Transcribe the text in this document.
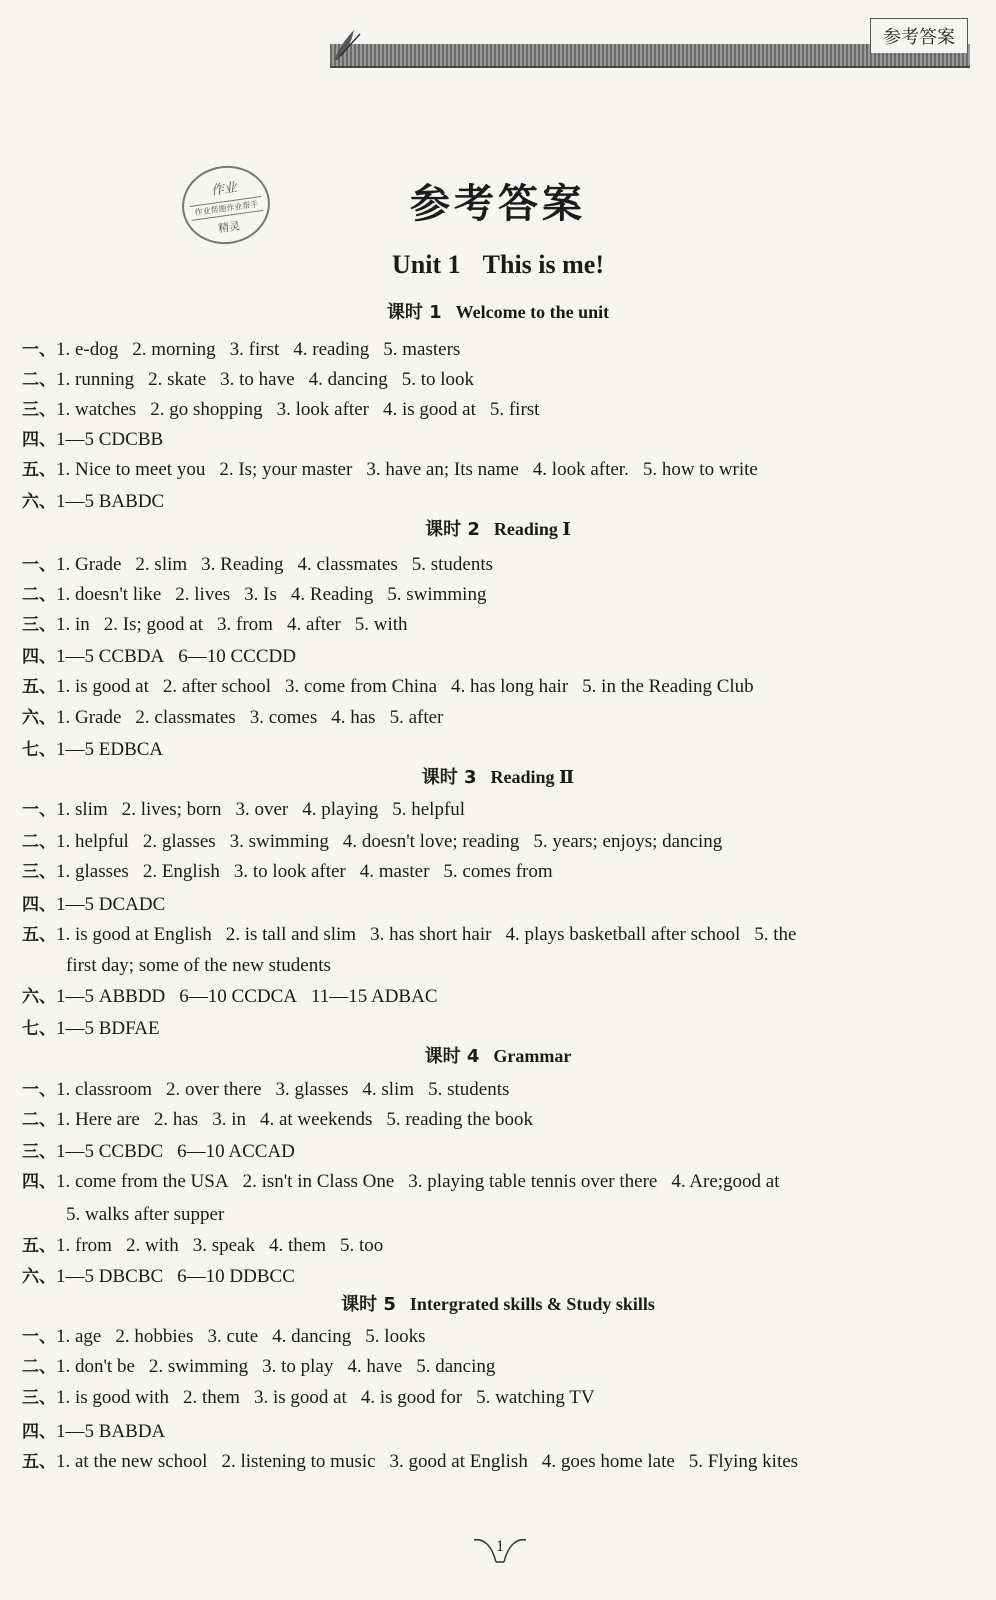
参考答案
作业
作业帮题作业帮手
精灵
参考答案
Unit 1 This is me!
课时 1 Welcome to the unit
课时 2 Reading Ⅰ
课时 3 Reading Ⅱ
课时 4 Grammar
课时 5 Intergrated skills & Study skills
一、1. e-dog 2. morning 3. first 4. reading 5. masters
二、1. running 2. skate 3. to have 4. dancing 5. to look
三、1. watches 2. go shopping 3. look after 4. is good at 5. first
四、1—5 CDCBB
五、1. Nice to meet you 2. Is; your master 3. have an; Its name 4. look after. 5. how to write
六、1—5 BABDC
一、1. Grade 2. slim 3. Reading 4. classmates 5. students
二、1. doesn't like 2. lives 3. Is 4. Reading 5. swimming
三、1. in 2. Is; good at 3. from 4. after 5. with
四、1—5 CCBDA 6—10 CCCDD
五、1. is good at 2. after school 3. come from China 4. has long hair 5. in the Reading Club
六、1. Grade 2. classmates 3. comes 4. has 5. after
七、1—5 EDBCA
一、1. slim 2. lives; born 3. over 4. playing 5. helpful
二、1. helpful 2. glasses 3. swimming 4. doesn't love; reading 5. years; enjoys; dancing
三、1. glasses 2. English 3. to look after 4. master 5. comes from
四、1—5 DCADC
五、1. is good at English 2. is tall and slim 3. has short hair 4. plays basketball after school 5. the
first day; some of the new students
六、1—5 ABBDD 6—10 CCDCA 11—15 ADBAC
七、1—5 BDFAE
一、1. classroom 2. over there 3. glasses 4. slim 5. students
二、1. Here are 2. has 3. in 4. at weekends 5. reading the book
三、1—5 CCBDC 6—10 ACCAD
四、1. come from the USA 2. isn't in Class One 3. playing table tennis over there 4. Are;good at
5. walks after supper
五、1. from 2. with 3. speak 4. them 5. too
六、1—5 DBCBC 6—10 DDBCC
一、1. age 2. hobbies 3. cute 4. dancing 5. looks
二、1. don't be 2. swimming 3. to play 4. have 5. dancing
三、1. is good with 2. them 3. is good at 4. is good for 5. watching TV
四、1—5 BABDA
五、1. at the new school 2. listening to music 3. good at English 4. goes home late 5. Flying kites
1
